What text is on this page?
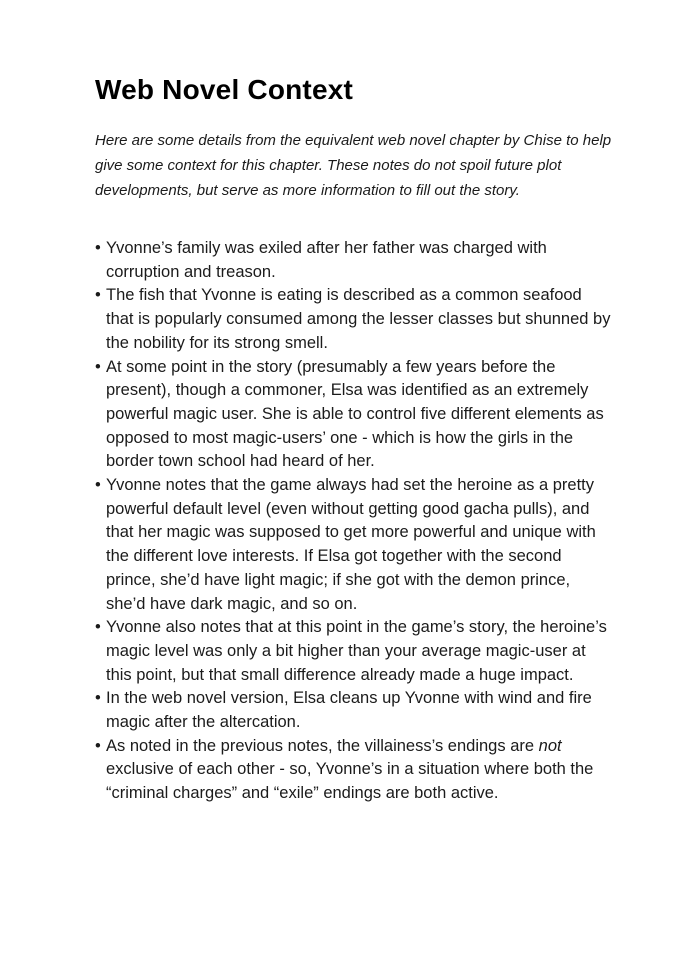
Web Novel Context

Here are some details from the equivalent web novel chapter by Chise to help give some context for this chapter. These notes do not spoil future plot developments, but serve as more information to fill out the story.

• Yvonne’s family was exiled after her father was charged with corruption and treason.
• The fish that Yvonne is eating is described as a common seafood that is popularly consumed among the lesser classes but shunned by the nobility for its strong smell.
• At some point in the story (presumably a few years before the present), though a commoner, Elsa was identified as an extremely powerful magic user. She is able to control five different elements as opposed to most magic-users’ one - which is how the girls in the border town school had heard of her.
• Yvonne notes that the game always had set the heroine as a pretty powerful default level (even without getting good gacha pulls), and that her magic was supposed to get more powerful and unique with the different love interests. If Elsa got together with the second prince, she’d have light magic; if she got with the demon prince, she’d have dark magic, and so on.
• Yvonne also notes that at this point in the game’s story, the heroine’s magic level was only a bit higher than your average magic-user at this point, but that small difference already made a huge impact.
• In the web novel version, Elsa cleans up Yvonne with wind and fire magic after the altercation.
• As noted in the previous notes, the villainess’s endings are not exclusive of each other - so, Yvonne’s in a situation where both the “criminal charges” and “exile” endings are both active.
